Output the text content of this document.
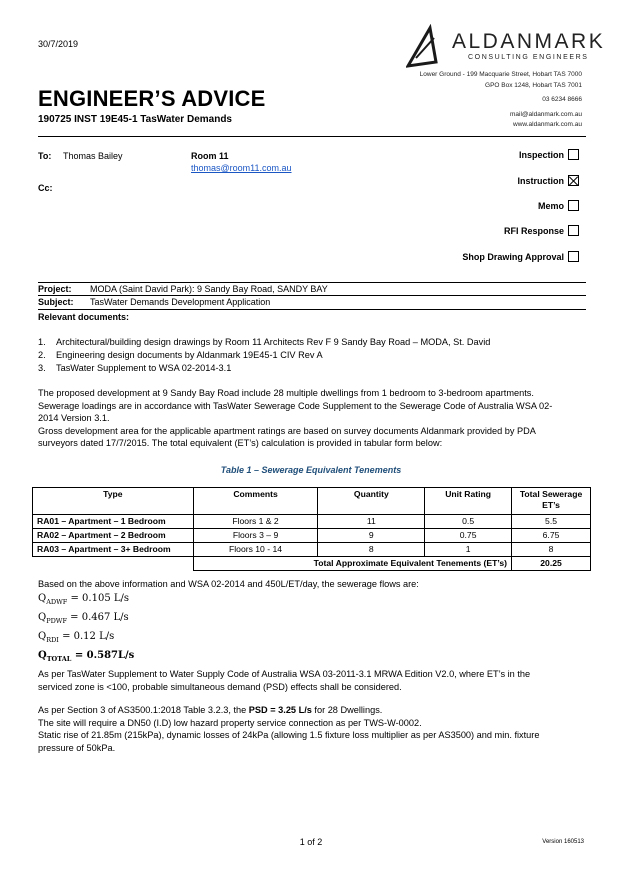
30/7/2019	ALDANMARK
CONSULTING ENGINEERS
Lower Ground - 199 Macquarie Street, Hobart TAS 7000
GPO Box 1248, Hobart TAS 7001
03 6234 8666
mail@aldanmark.com.au
www.aldanmark.com.au
ENGINEER’S ADVICE
190725 INST 19E45-1 TasWater Demands
To: Thomas Bailey	Room 11
thomas@room11.com.au
Cc:
Inspection
Instruction
Memo
RFI Response
Shop Drawing Approval
Project: MODA (Saint David Park): 9 Sandy Bay Road, SANDY BAY
Subject: TasWater Demands Development Application
Relevant documents:
1. Architectural/building design drawings by Room 11 Architects Rev F 9 Sandy Bay Road – MODA, St. David
2. Engineering design documents by Aldanmark 19E45-1 CIV Rev A
3. TasWater Supplement to WSA 02-2014-3.1
The proposed development at 9 Sandy Bay Road include 28 multiple dwellings from 1 bedroom to 3-bedroom apartments.
Sewerage loadings are in accordance with TasWater Sewerage Code Supplement to the Sewerage Code of Australia WSA 02-
2014 Version 3.1.
Gross development area for the applicable apartment ratings are based on survey documents Aldanmark provided by PDA
surveyors dated 17/7/2015. The total equivalent (ET’s) calculation is provided in tabular form below:
Table 1 – Sewerage Equivalent Tenements
Type	Comments	Quantity	Unit Rating	Total Sewerage ET’s
RA01 – Apartment – 1 Bedroom	Floors 1 & 2	11	0.5	5.5
RA02 – Apartment – 2 Bedroom	Floors 3 – 9	9	0.75	6.75
RA03 – Apartment – 3+ Bedroom	Floors 10 - 14	8	1	8
	Total Approximate Equivalent Tenements (ET’s)			20.25
Based on the above information and WSA 02-2014 and 450L/ET/day, the sewerage flows are:
$Q_{ADWF} = 0.105$ L/s
$Q_{PDWF} = 0.467$ L/s
$Q_{RDI} = 0.12$ L/s
$Q_{TOTAL} = 0.587L/s$
As per TasWater Supplement to Water Supply Code of Australia WSA 03-2011-3.1 MRWA Edition V2.0, where ET’s in the
serviced zone is <100, probable simultaneous demand (PSD) effects shall be considered.
As per Section 3 of AS3500.1:2018 Table 3.2.3, the PSD = 3.25 L/s for 28 Dwellings.
The site will require a DN50 (I.D) low hazard property service connection as per TWS-W-0002.
Static rise of 21.85m (215kPa), dynamic losses of 24kPa (allowing 1.5 fixture loss multiplier as per AS3500) and min. fixture
pressure of 50kPa.
1 of 2	Version 160513
